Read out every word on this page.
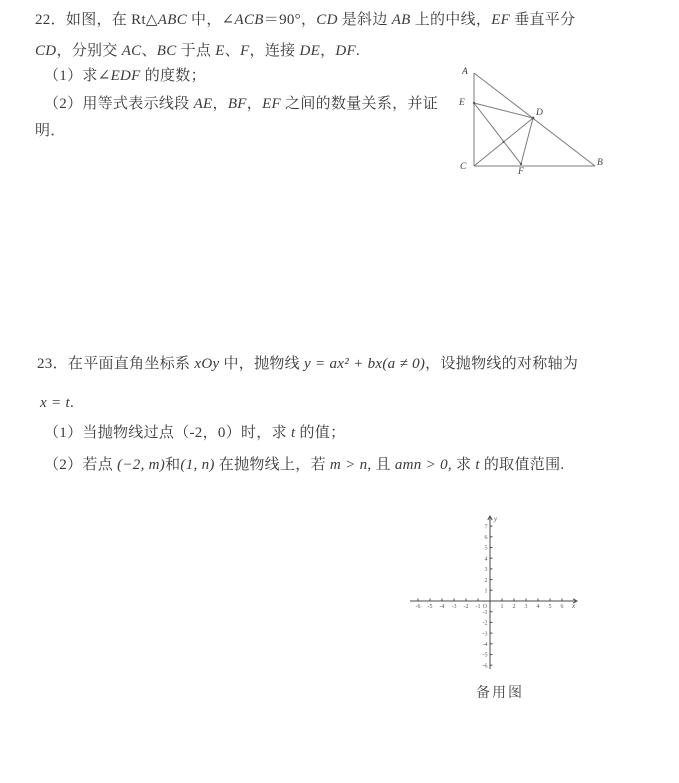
22．如图，在 Rt△ABC 中，∠ACB＝90°，CD 是斜边 AB 上的中线，EF 垂直平分
CD，分别交 AC、BC 于点 E、F，连接 DE，DF.
（1）求∠EDF 的度数；
（2）用等式表示线段 AE，BF，EF 之间的数量关系，并证
明．
A
E
D
C	F
B
23．在平面直角坐标系 xOy 中，抛物线 y = ax² + bx(a ≠ 0)，设抛物线的对称轴为
x = t.
（1）当抛物线过点（-2，0）时，求 t 的值；
（2）若点 (−2, m)和(1, n) 在抛物线上，若 m > n, 且 amn > 0, 求 t 的取值范围.
1 2 3 4 5 6
-1
-2
-3
-4
-5
-6
1
2
3
4
5
6
7
-1
-2
-3
-4
-5
-6
O	x
y
备用图
